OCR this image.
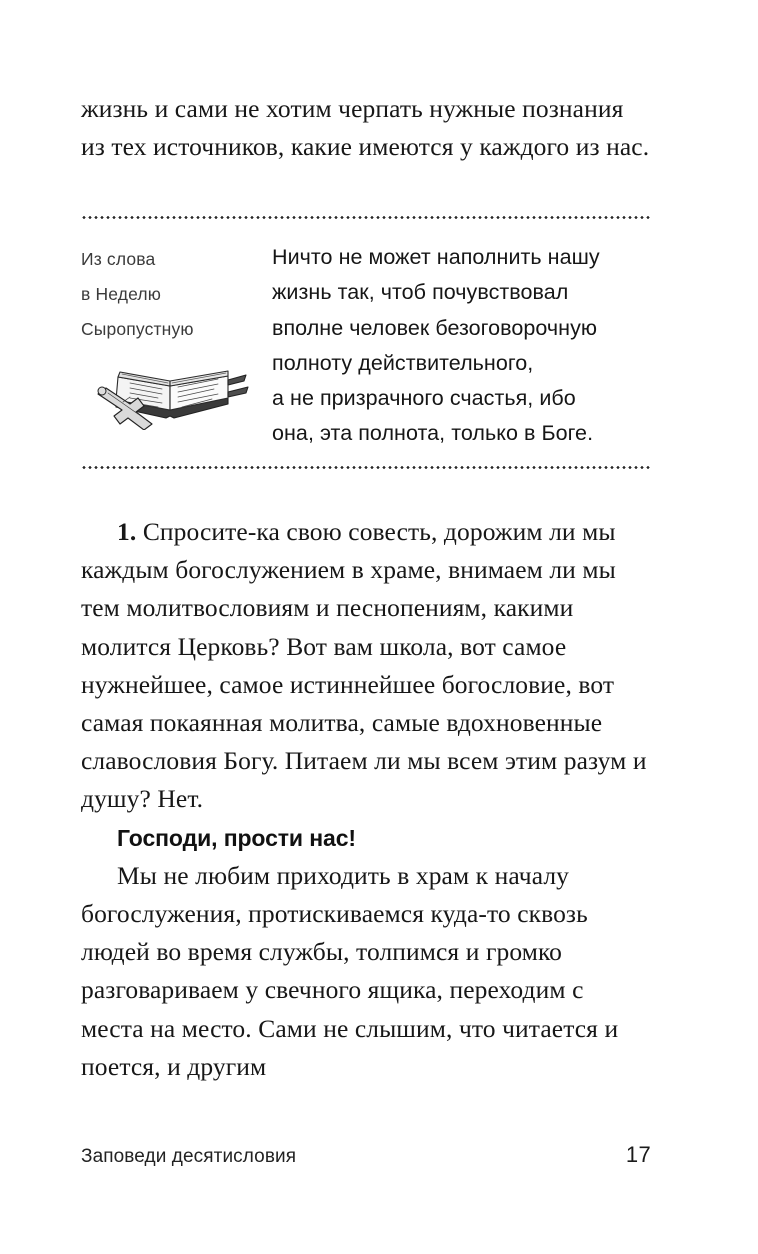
жизнь и сами не хотим черпать нужные познания из тех источников, какие имеются у каждого из нас.
Из слова
в Неделю
Сыропустную
Ничто не может наполнить нашу
жизнь так, чтоб почувствовал
вполне человек безоговорочную
полноту действительного,
а не призрачного счастья, ибо
она, эта полнота, только в Боге.
1. Спросите-ка свою совесть, дорожим ли мы каждым богослужением в храме, внимаем ли мы тем молитвословиям и песнопениям, какими молится Церковь? Вот вам школа, вот самое нужнейшее, самое истиннейшее богословие, вот самая покаянная молитва, самые вдохновенные славословия Богу. Питаем ли мы всем этим разум и душу? Нет.
Господи, прости нас!
Мы не любим приходить в храм к началу богослужения, протискиваемся куда-то сквозь людей во время службы, толпимся и громко разговариваем у свечного ящика, переходим с места на место. Сами не слышим, что читается и поется, и другим
Заповеди десятисловия	17
